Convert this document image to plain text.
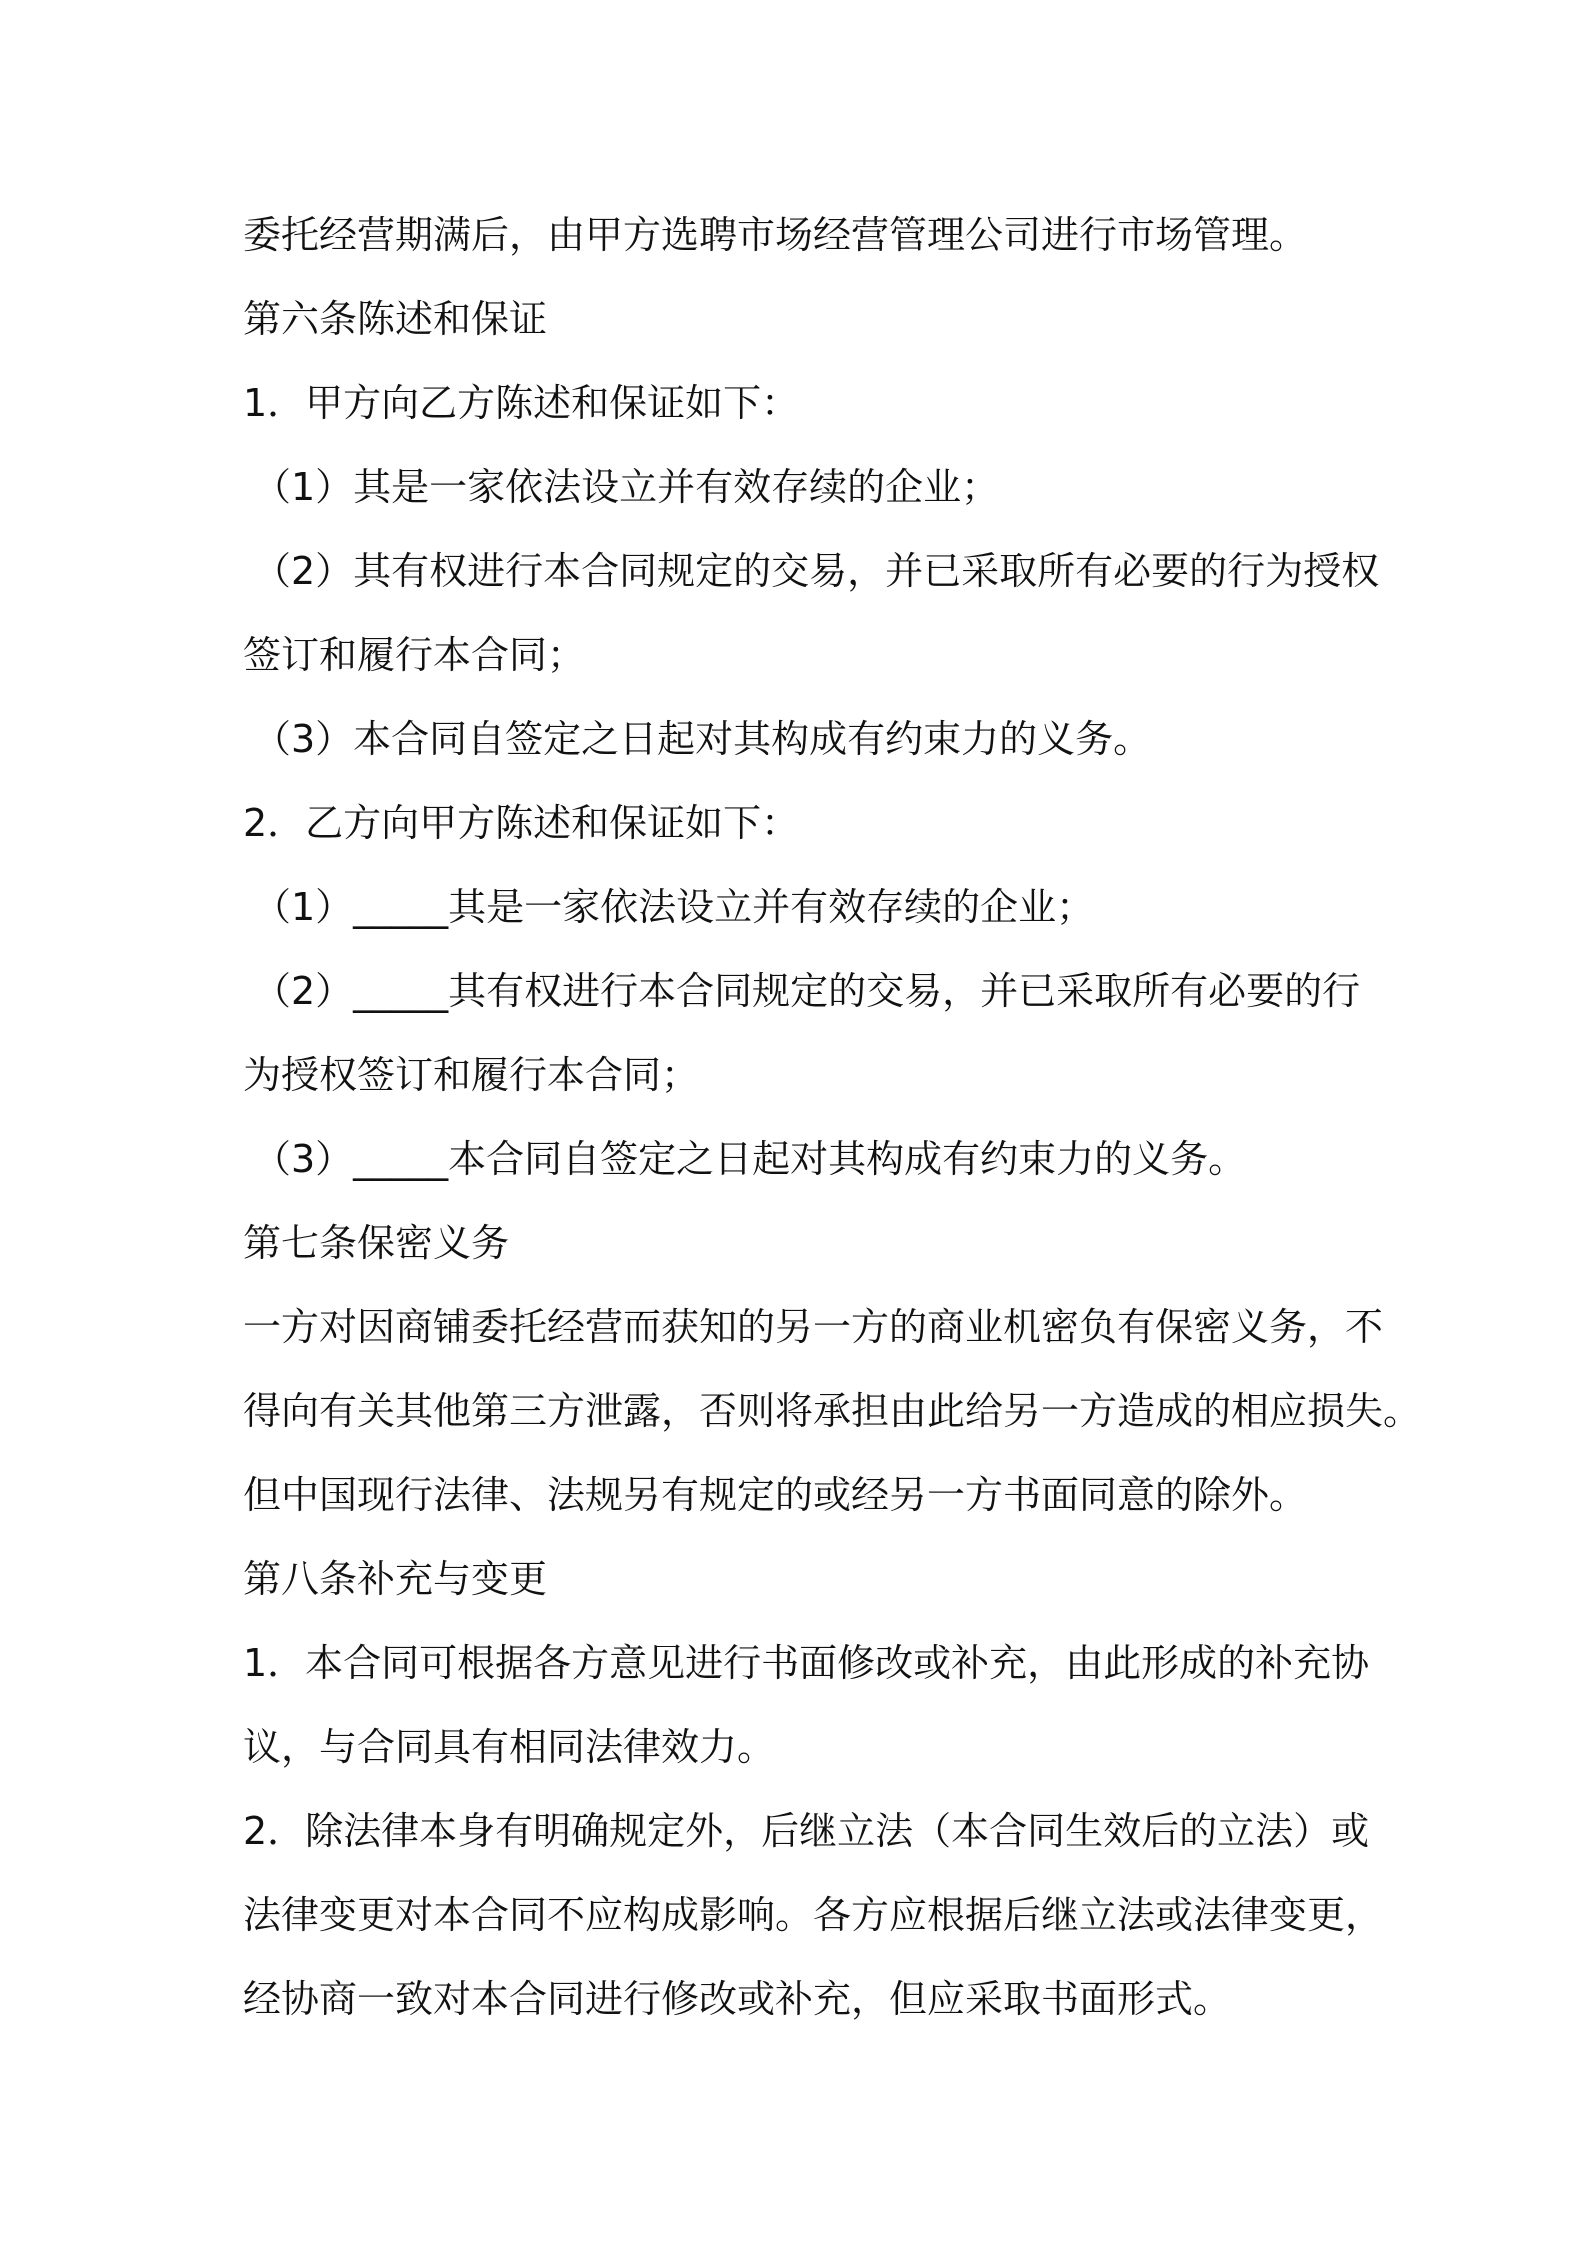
委托经营期满后，由甲方选聘市场经营管理公司进行市场管理。
第六条陈述和保证
1．甲方向乙方陈述和保证如下：
（1）其是一家依法设立并有效存续的企业；
（2）其有权进行本合同规定的交易，并已采取所有必要的行为授权
签订和履行本合同；
（3）本合同自签定之日起对其构成有约束力的义务。
2．乙方向甲方陈述和保证如下：
（1）_____其是一家依法设立并有效存续的企业；
（2）_____其有权进行本合同规定的交易，并已采取所有必要的行
为授权签订和履行本合同；
（3）_____本合同自签定之日起对其构成有约束力的义务。
第七条保密义务
一方对因商铺委托经营而获知的另一方的商业机密负有保密义务，不
得向有关其他第三方泄露，否则将承担由此给另一方造成的相应损失。
但中国现行法律、法规另有规定的或经另一方书面同意的除外。
第八条补充与变更
1．本合同可根据各方意见进行书面修改或补充，由此形成的补充协
议，与合同具有相同法律效力。
2．除法律本身有明确规定外，后继立法（本合同生效后的立法）或
法律变更对本合同不应构成影响。各方应根据后继立法或法律变更，
经协商一致对本合同进行修改或补充，但应采取书面形式。
